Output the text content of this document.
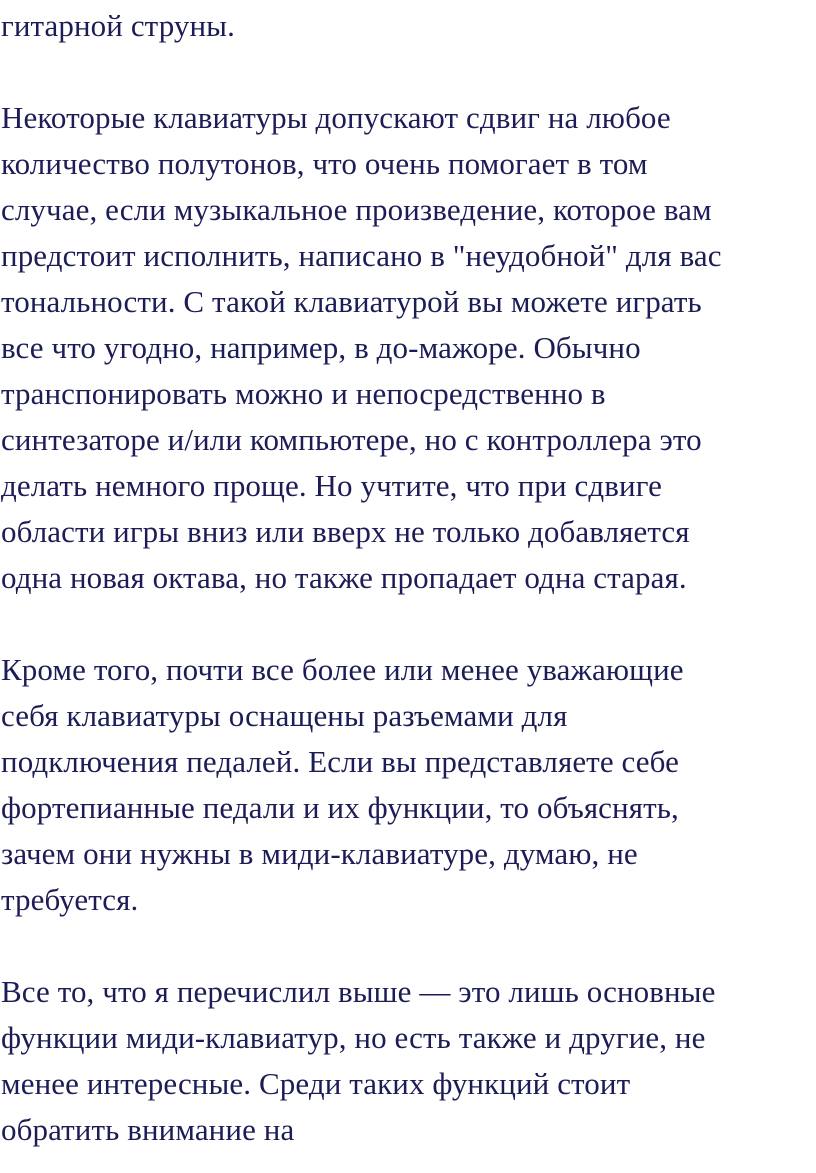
гитарной струны.
Некоторые клавиатуры допускают сдвиг на любое
количество полутонов, что очень помогает в том
случае, если музыкальное произведение, которое вам
предстоит исполнить, написано в "неудобной" для вас
тональности. С такой клавиатурой вы можете играть
все что угодно, например, в до-мажоре. Обычно
транспонировать можно и непосредственно в
синтезаторе и/или компьютере, но с контроллера это
делать немного проще. Но учтите, что при сдвиге
области игры вниз или вверх не только добавляется
одна новая октава, но также пропадает одна старая.
Кроме того, почти все более или менее уважающие
себя клавиатуры оснащены разъемами для
подключения педалей. Если вы представляете себе
фортепианные педали и их функции, то объяснять,
зачем они нужны в миди-клавиатуре, думаю, не
требуется.
Все то, что я перечислил выше — это лишь основные
функции миди-клавиатур, но есть также и другие, не
менее интересные. Среди таких функций стоит
обратить внимание на
